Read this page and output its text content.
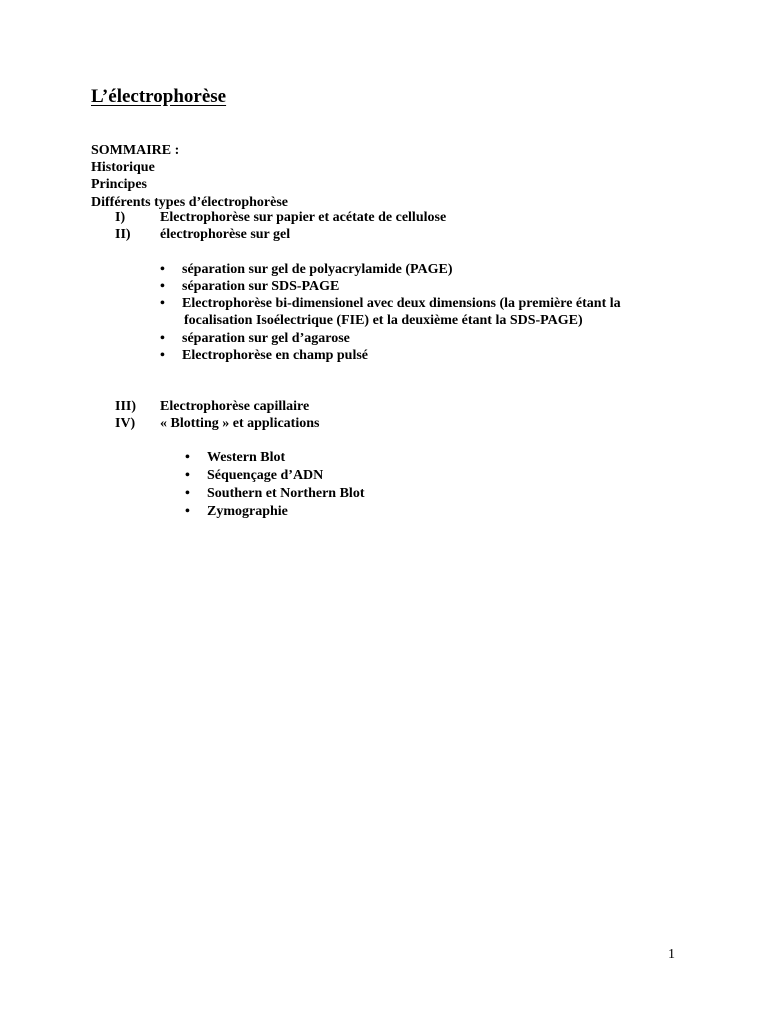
L’électrophorèse
SOMMAIRE :
Historique
Principes
Différents types d’électrophorèse
I) Electrophorèse sur papier et acétate de cellulose
II) électrophorèse sur gel
• séparation sur gel de polyacrylamide (PAGE)
• séparation sur SDS-PAGE
• Electrophorèse bi-dimensionel avec deux dimensions (la première étant la
focalisation Isoélectrique (FIE) et la deuxième étant la SDS-PAGE)
• séparation sur gel d’agarose
• Electrophorèse en champ pulsé
III) Electrophorèse capillaire
IV) « Blotting » et applications
• Western Blot
• Séquençage d’ADN
• Southern et Northern Blot
• Zymographie
1
